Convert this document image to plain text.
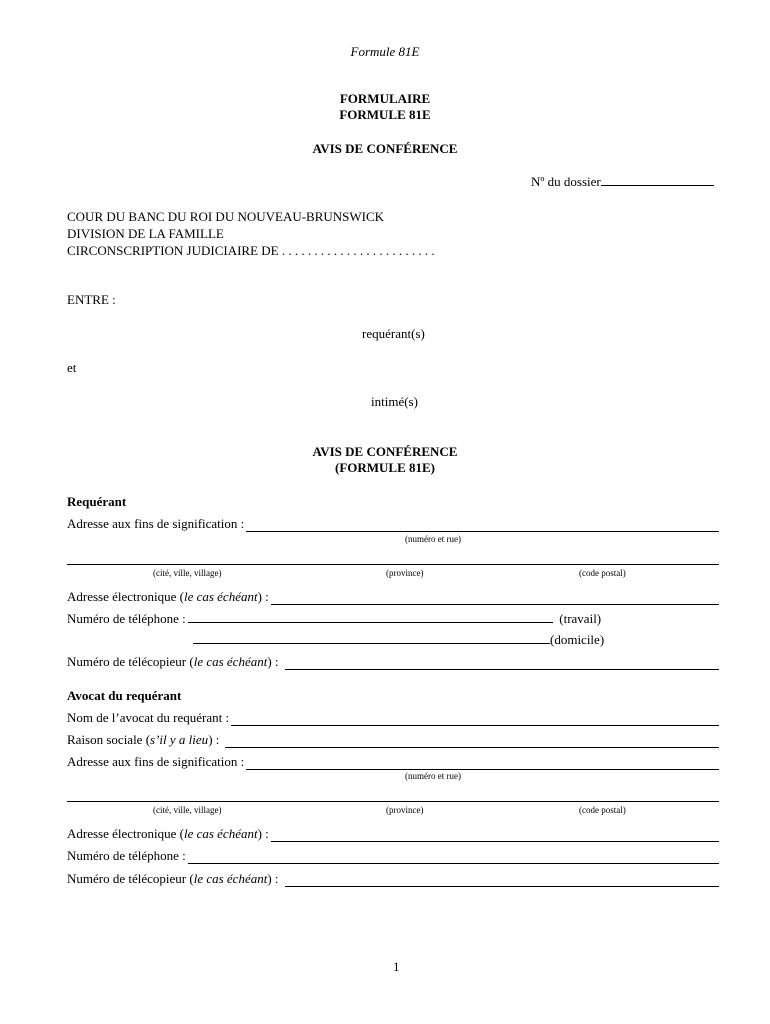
Formule 81E
FORMULAIRE
FORMULE 81E
AVIS DE CONFÉRENCE
Nº du dossier
COUR DU BANC DU ROI DU NOUVEAU-BRUNSWICK
DIVISION DE LA FAMILLE
CIRCONSCRIPTION JUDICIAIRE DE . . . . . . . . . . . . . . . . . . . . . . . .
ENTRE :
requérant(s)
et
intimé(s)
AVIS DE CONFÉRENCE
(FORMULE 81E)
Requérant
Adresse aux fins de signification :
(numéro et rue)
(cité, ville, village)	(province)	(code postal)
Adresse électronique (le cas échéant) :
Numéro de téléphone :	(travail)
(domicile)
Numéro de télécopieur (le cas échéant) :
Avocat du requérant
Nom de l’avocat du requérant :
Raison sociale (s’il y a lieu) :
Adresse aux fins de signification :
(numéro et rue)
(cité, ville, village)	(province)	(code postal)
Adresse électronique (le cas échéant) :
Numéro de téléphone :
Numéro de télécopieur (le cas échéant) :
1
